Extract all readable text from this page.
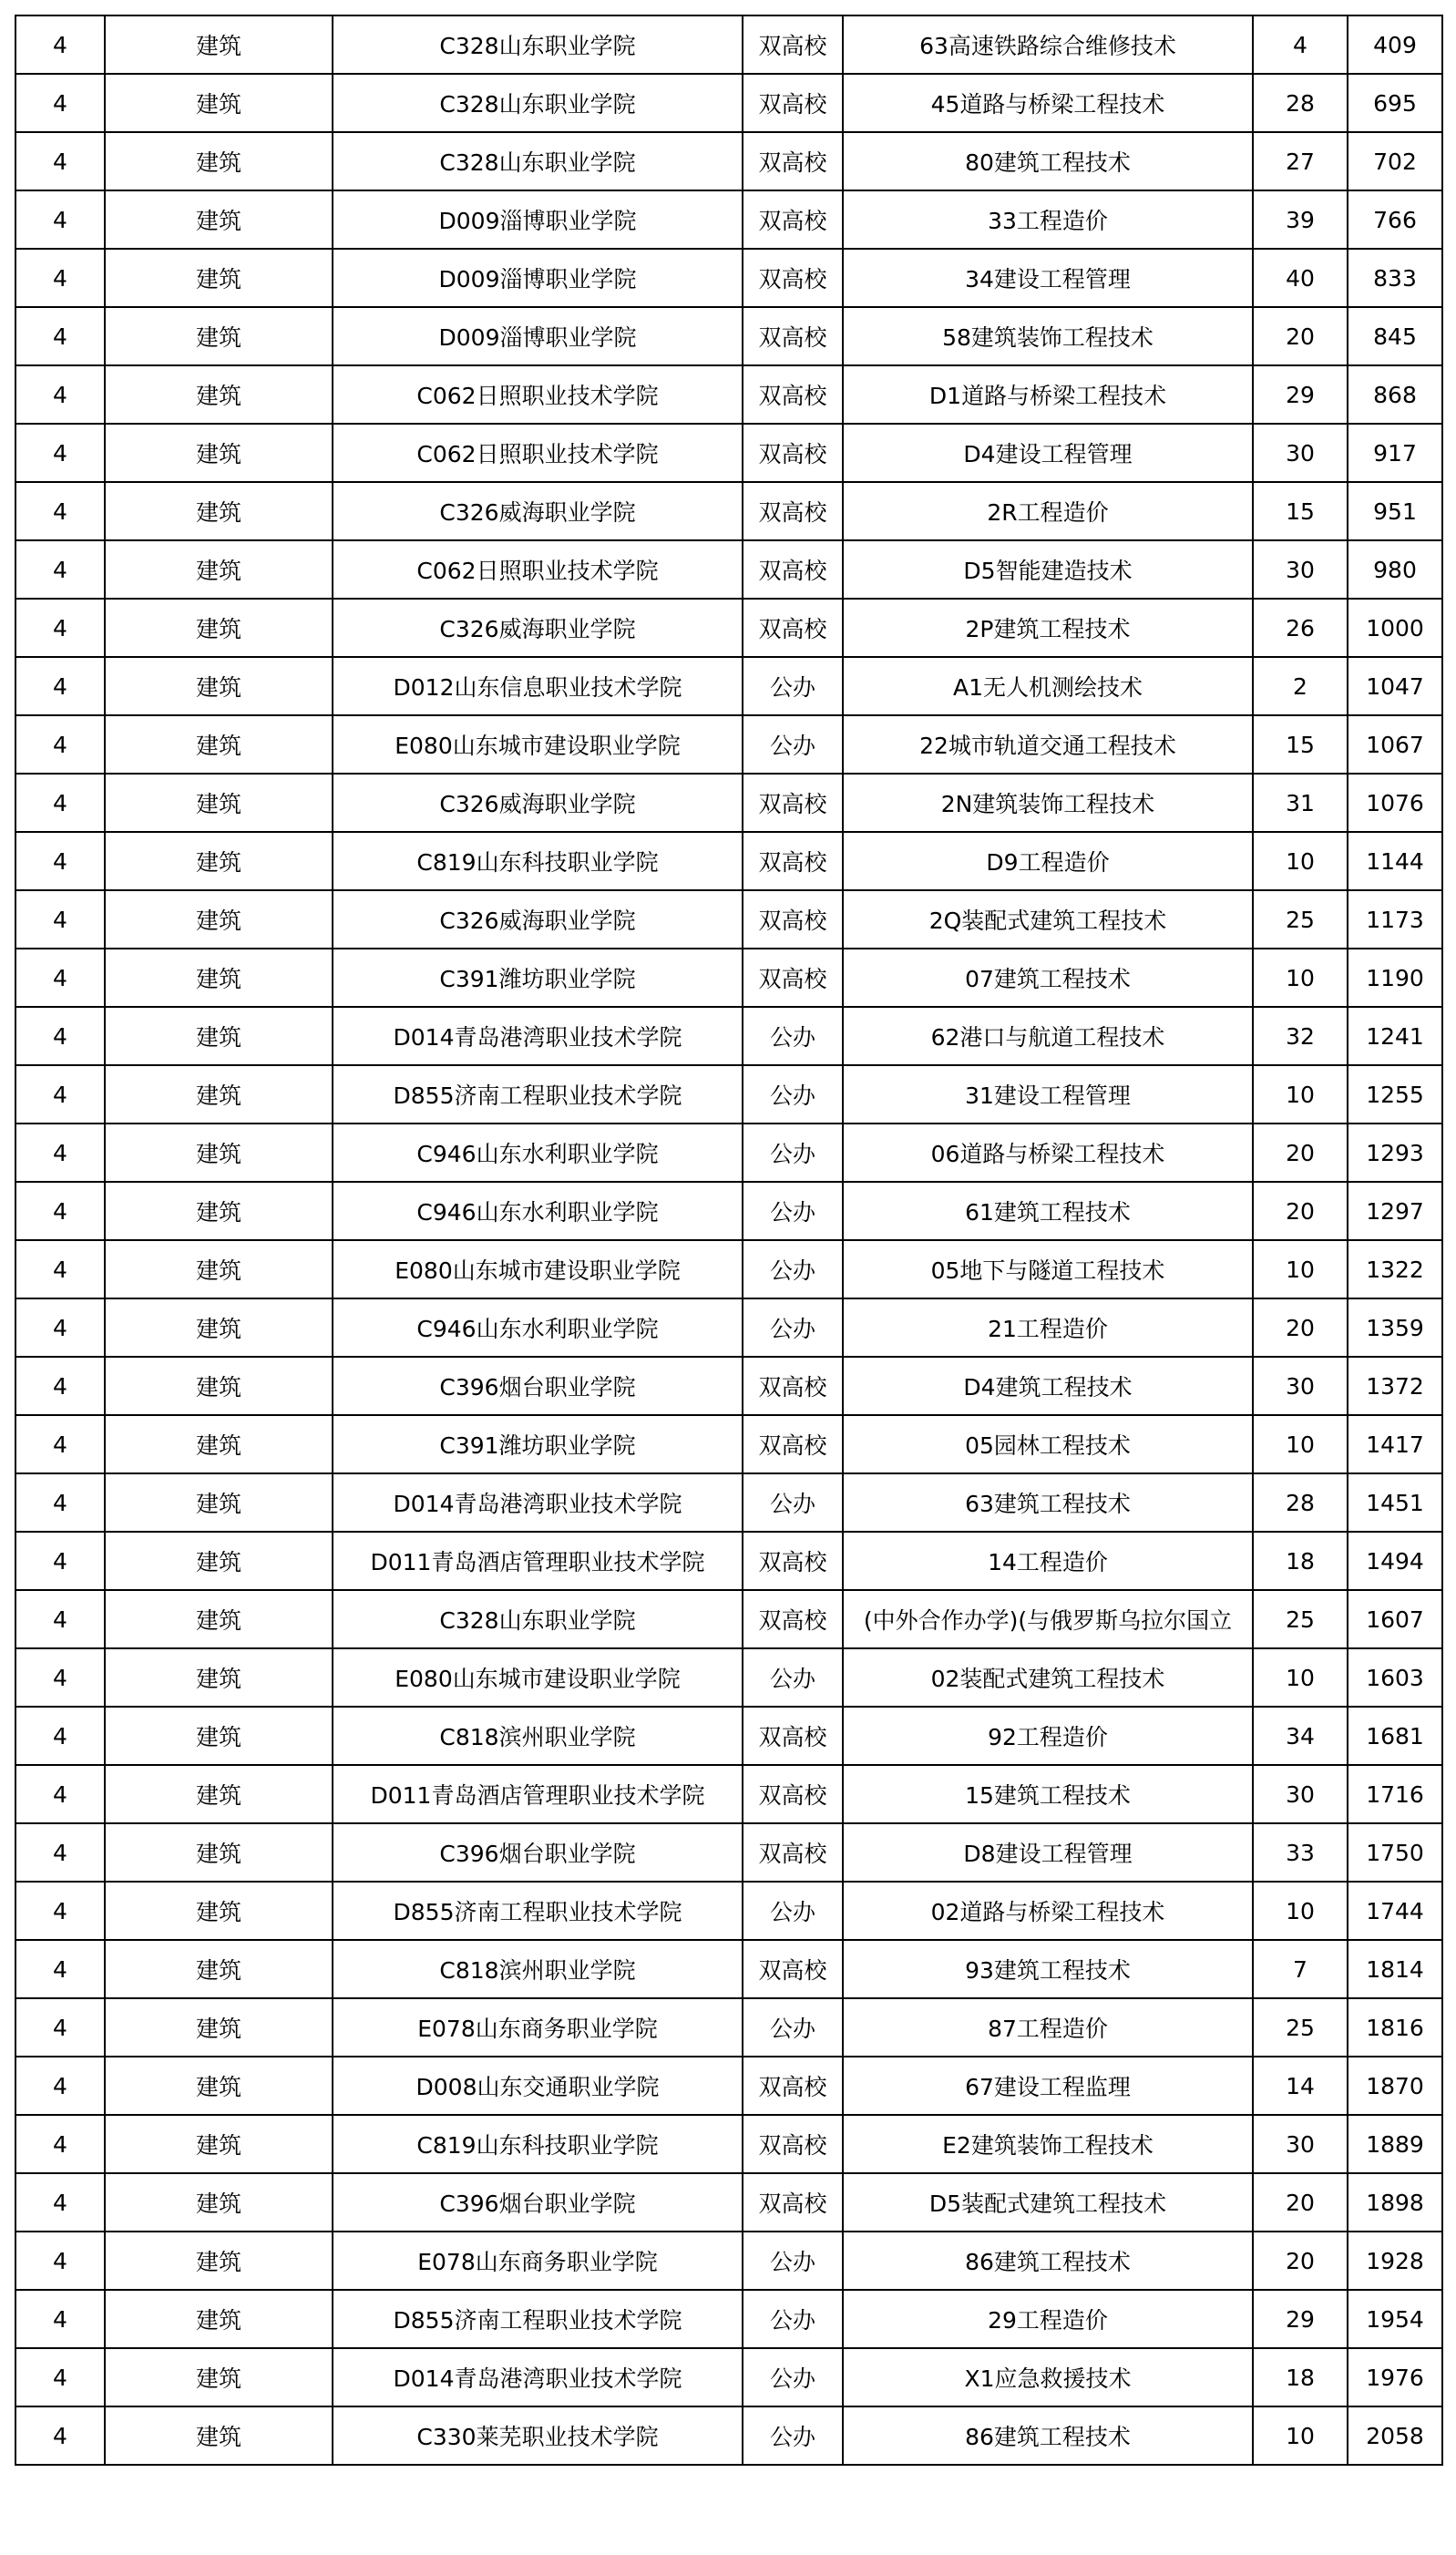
4	建筑	C328山东职业学院	双高校	63高速铁路综合维修技术	4	409
4	建筑	C328山东职业学院	双高校	45道路与桥梁工程技术	28	695
4	建筑	C328山东职业学院	双高校	80建筑工程技术	27	702
4	建筑	D009淄博职业学院	双高校	33工程造价	39	766
4	建筑	D009淄博职业学院	双高校	34建设工程管理	40	833
4	建筑	D009淄博职业学院	双高校	58建筑装饰工程技术	20	845
4	建筑	C062日照职业技术学院	双高校	D1道路与桥梁工程技术	29	868
4	建筑	C062日照职业技术学院	双高校	D4建设工程管理	30	917
4	建筑	C326威海职业学院	双高校	2R工程造价	15	951
4	建筑	C062日照职业技术学院	双高校	D5智能建造技术	30	980
4	建筑	C326威海职业学院	双高校	2P建筑工程技术	26	1000
4	建筑	D012山东信息职业技术学院	公办	A1无人机测绘技术	2	1047
4	建筑	E080山东城市建设职业学院	公办	22城市轨道交通工程技术	15	1067
4	建筑	C326威海职业学院	双高校	2N建筑装饰工程技术	31	1076
4	建筑	C819山东科技职业学院	双高校	D9工程造价	10	1144
4	建筑	C326威海职业学院	双高校	2Q装配式建筑工程技术	25	1173
4	建筑	C391潍坊职业学院	双高校	07建筑工程技术	10	1190
4	建筑	D014青岛港湾职业技术学院	公办	62港口与航道工程技术	32	1241
4	建筑	D855济南工程职业技术学院	公办	31建设工程管理	10	1255
4	建筑	C946山东水利职业学院	公办	06道路与桥梁工程技术	20	1293
4	建筑	C946山东水利职业学院	公办	61建筑工程技术	20	1297
4	建筑	E080山东城市建设职业学院	公办	05地下与隧道工程技术	10	1322
4	建筑	C946山东水利职业学院	公办	21工程造价	20	1359
4	建筑	C396烟台职业学院	双高校	D4建筑工程技术	30	1372
4	建筑	C391潍坊职业学院	双高校	05园林工程技术	10	1417
4	建筑	D014青岛港湾职业技术学院	公办	63建筑工程技术	28	1451
4	建筑	D011青岛酒店管理职业技术学院	双高校	14工程造价	18	1494
4	建筑	C328山东职业学院	双高校	(中外合作办学)(与俄罗斯乌拉尔国立	25	1607
4	建筑	E080山东城市建设职业学院	公办	02装配式建筑工程技术	10	1603
4	建筑	C818滨州职业学院	双高校	92工程造价	34	1681
4	建筑	D011青岛酒店管理职业技术学院	双高校	15建筑工程技术	30	1716
4	建筑	C396烟台职业学院	双高校	D8建设工程管理	33	1750
4	建筑	D855济南工程职业技术学院	公办	02道路与桥梁工程技术	10	1744
4	建筑	C818滨州职业学院	双高校	93建筑工程技术	7	1814
4	建筑	E078山东商务职业学院	公办	87工程造价	25	1816
4	建筑	D008山东交通职业学院	双高校	67建设工程监理	14	1870
4	建筑	C819山东科技职业学院	双高校	E2建筑装饰工程技术	30	1889
4	建筑	C396烟台职业学院	双高校	D5装配式建筑工程技术	20	1898
4	建筑	E078山东商务职业学院	公办	86建筑工程技术	20	1928
4	建筑	D855济南工程职业技术学院	公办	29工程造价	29	1954
4	建筑	D014青岛港湾职业技术学院	公办	X1应急救援技术	18	1976
4	建筑	C330莱芜职业技术学院	公办	86建筑工程技术	10	2058
